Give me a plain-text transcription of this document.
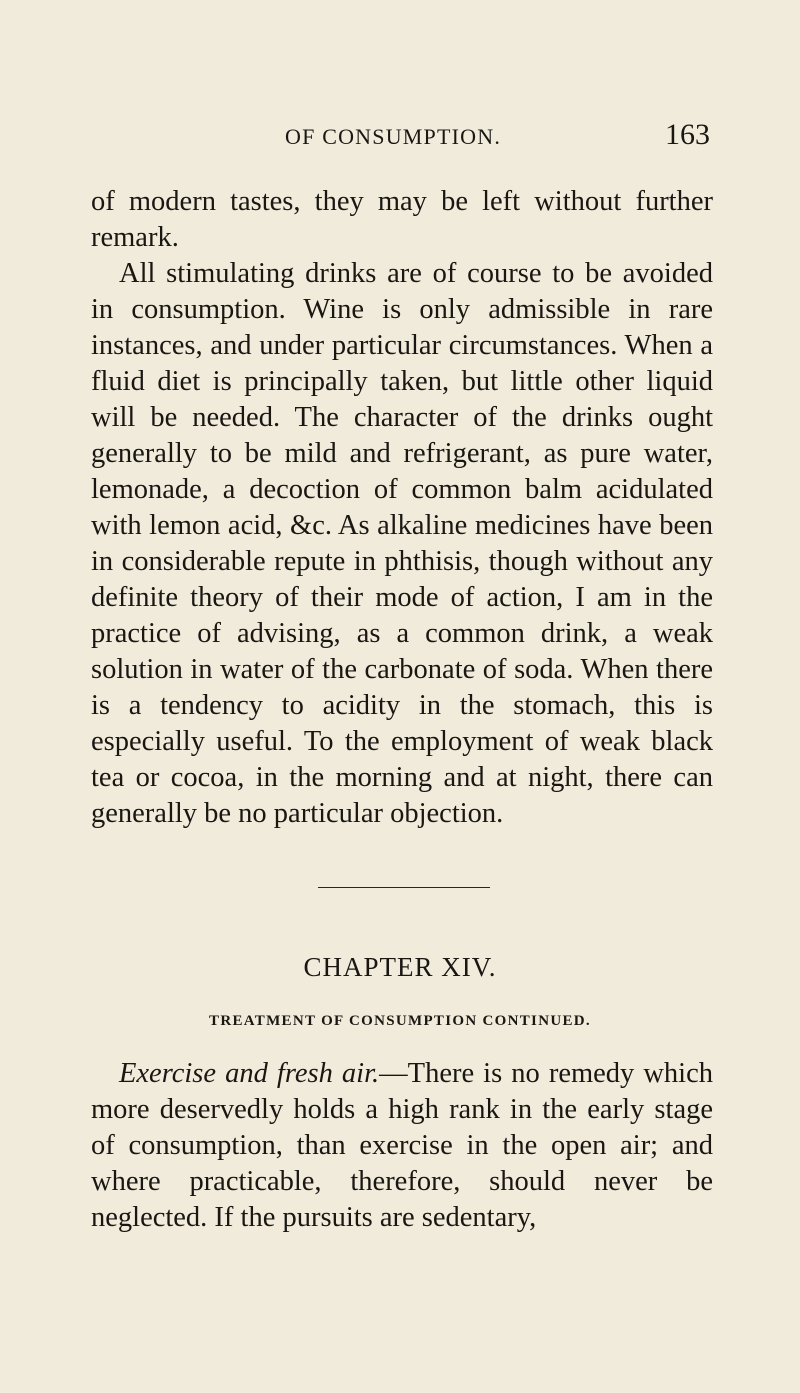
OF CONSUMPTION.	163

of modern tastes, they may be left without further remark.

All stimulating drinks are of course to be avoided in consumption. Wine is only admissible in rare instances, and under particular circumstances. When a fluid diet is principally taken, but little other liquid will be needed. The character of the drinks ought generally to be mild and refrigerant, as pure water, lemonade, a decoction of common balm acidulated with lemon acid, &c. As alkaline medicines have been in considerable repute in phthisis, though without any definite theory of their mode of action, I am in the practice of advising, as a common drink, a weak solution in water of the carbonate of soda. When there is a tendency to acidity in the stomach, this is especially useful. To the employment of weak black tea or cocoa, in the morning and at night, there can generally be no particular objection.

CHAPTER XIV.
TREATMENT OF CONSUMPTION CONTINUED.

Exercise and fresh air.—There is no remedy which more deservedly holds a high rank in the early stage of consumption, than exercise in the open air; and where practicable, therefore, should never be neglected. If the pursuits are sedentary,
